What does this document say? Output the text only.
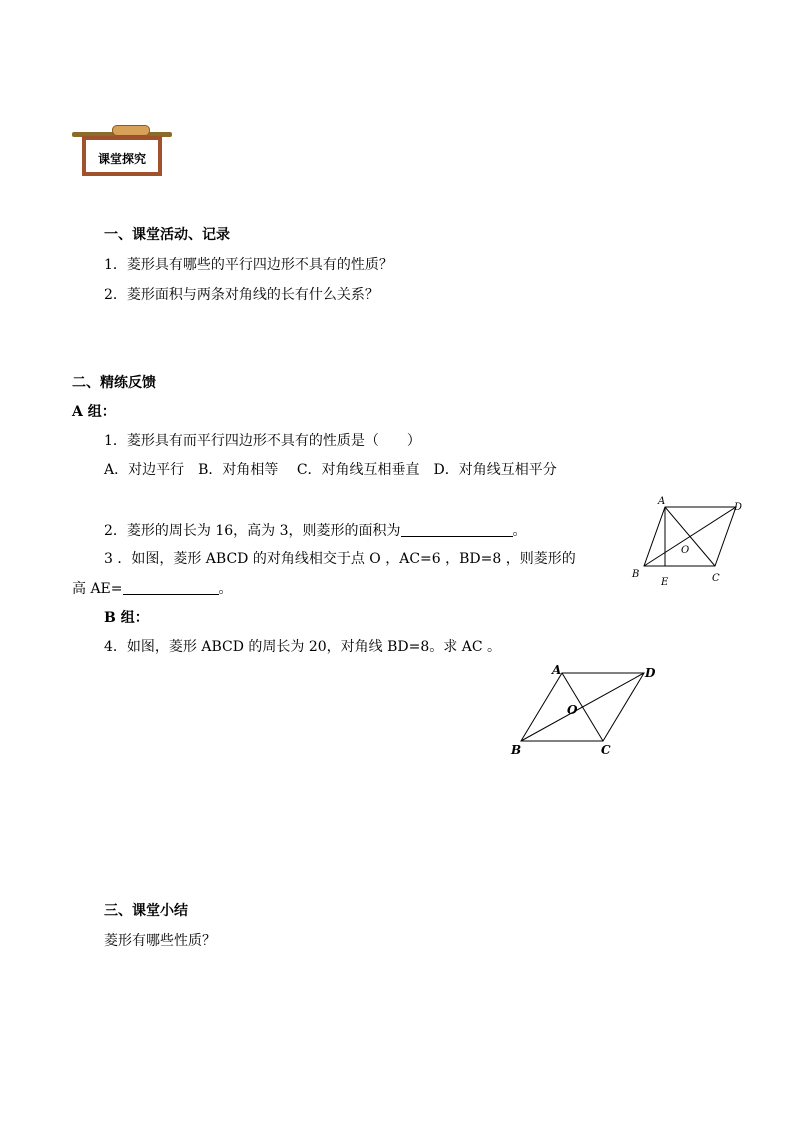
课堂探究
一、课堂活动、记录
1．菱形具有哪些的平行四边形不具有的性质？
2．菱形面积与两条对角线的长有什么关系？
二、精练反馈
A 组：
1．菱形具有而平行四边形不具有的性质是（　　）
A．对边平行　B．对角相等　 C．对角线互相垂直　D．对角线互相平分
2．菱形的周长为 16，高为 3，则菱形的面积为	。
3 ．如图，菱形 ABCD 的对角线相交于点 O ，AC=6 ，BD=8 ，则菱形的
高 AE=	。
B 组：
4．如图，菱形 ABCD 的周长为 20，对角线 BD=8。求 AC 。
A
D
O
B
E	C
A	D
O
B	C
三、课堂小结
菱形有哪些性质？
